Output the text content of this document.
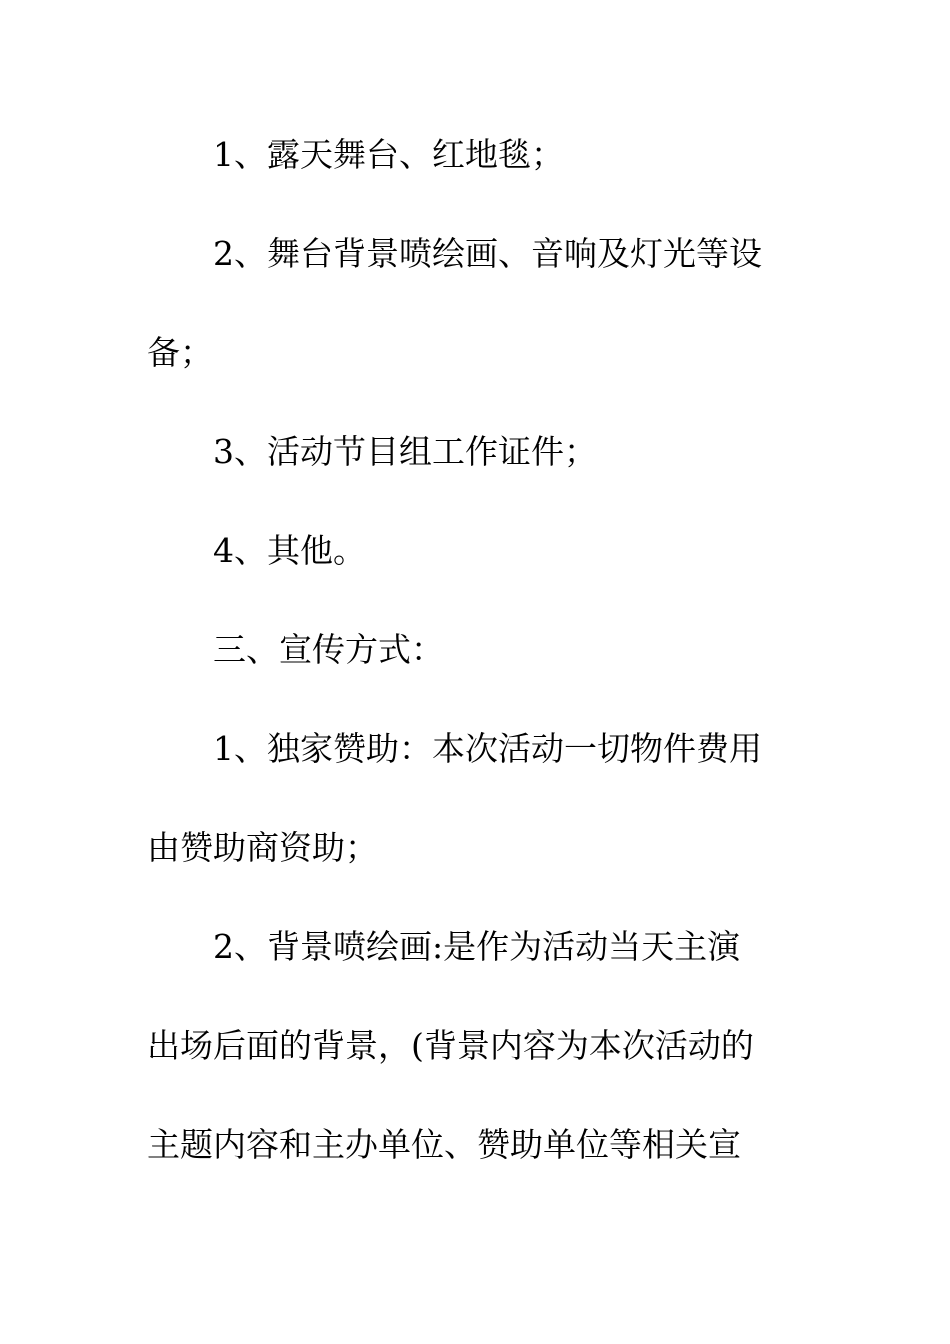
1、露天舞台、红地毯；
2、舞台背景喷绘画、音响及灯光等设
备；
3、活动节目组工作证件；
4、其他。
三、宣传方式：
1、独家赞助：本次活动一切物件费用
由赞助商资助；
2、背景喷绘画:是作为活动当天主演
出场后面的背景，(背景内容为本次活动的
主题内容和主办单位、赞助单位等相关宣
